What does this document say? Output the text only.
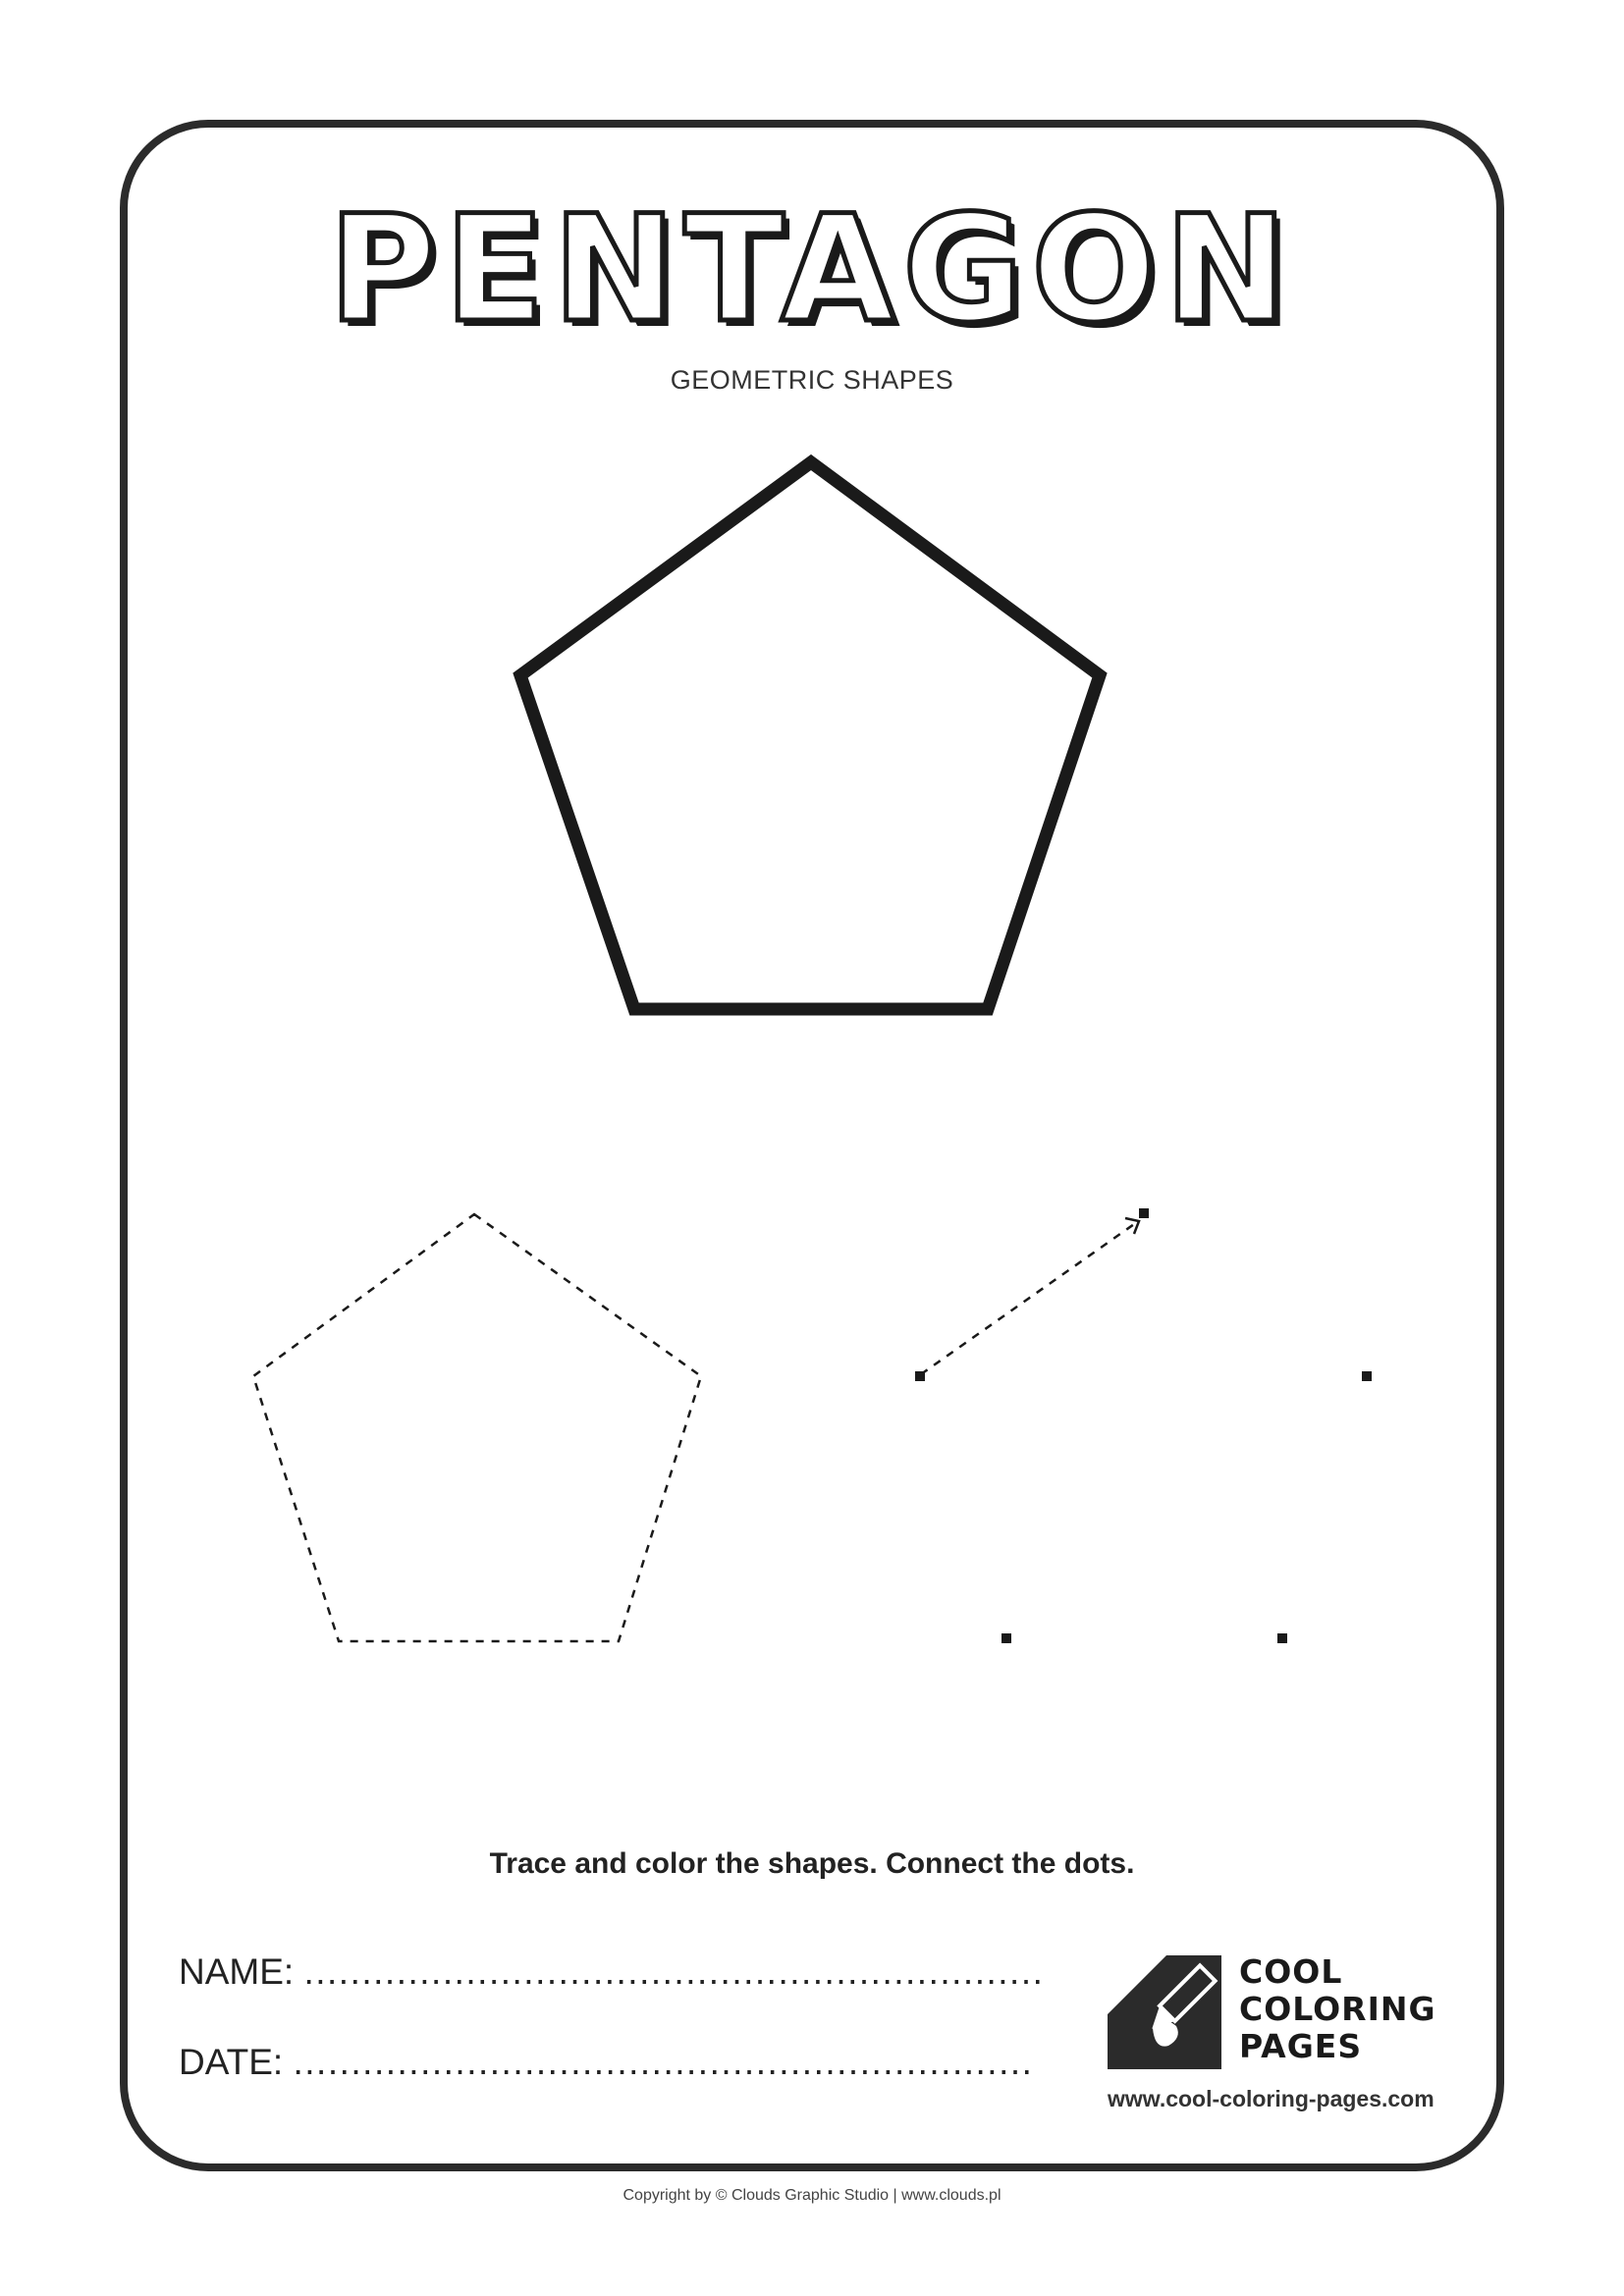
PENTAGON
GEOMETRIC SHAPES
Trace and color the shapes. Connect the dots.
NAME: ................................................................
DATE: ................................................................
COOL
COLORING
PAGES
www.cool-coloring-pages.com
Copyright by © Clouds Graphic Studio | www.clouds.pl
